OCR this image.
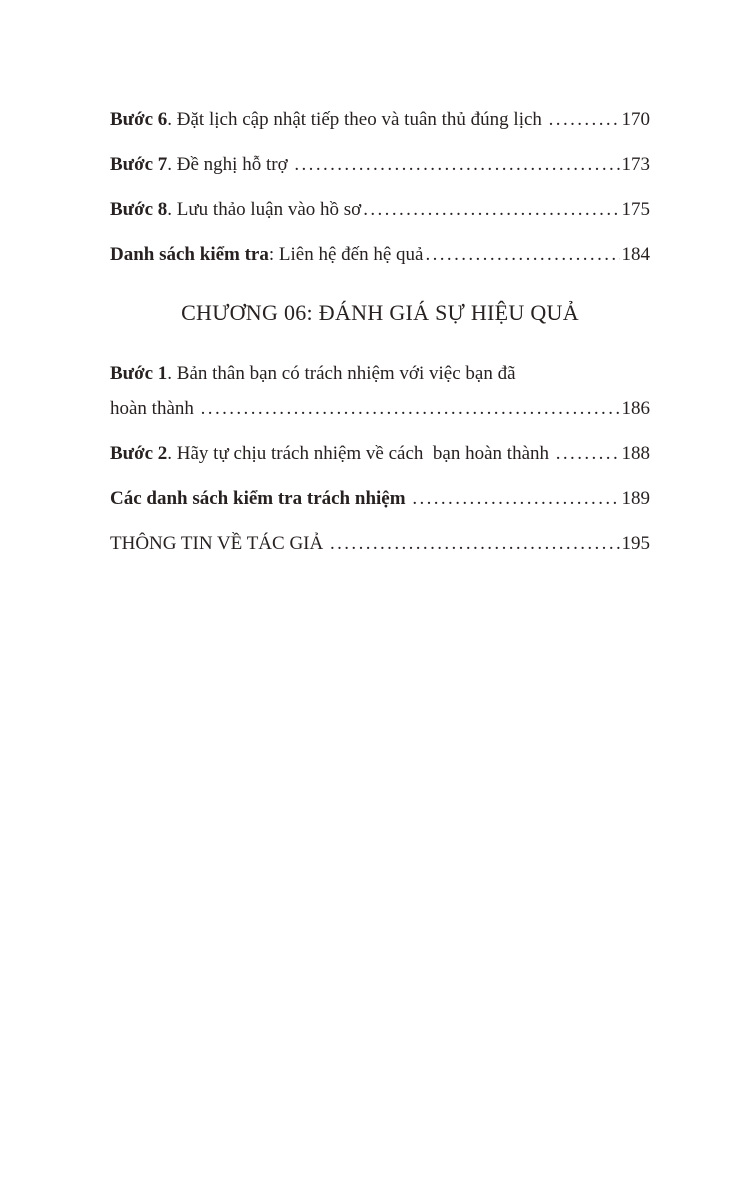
Bước 6. Đặt lịch cập nhật tiếp theo và tuân thủ đúng lịch .....	170
Bước 7. Đề nghị hỗ trợ .....	173
Bước 8. Lưu thảo luận vào hồ sơ .....	175
Danh sách kiểm tra: Liên hệ đến hệ quả .....	184
CHƯƠNG 06: ĐÁNH GIÁ SỰ HIỆU QUẢ
Bước 1. Bản thân bạn có trách nhiệm với việc bạn đã
hoàn thành .....	186
Bước 2. Hãy tự chịu trách nhiệm về cách  bạn hoàn thành .....	188
Các danh sách kiểm tra trách nhiệm .....	189
THÔNG TIN VỀ TÁC GIẢ .....	195
